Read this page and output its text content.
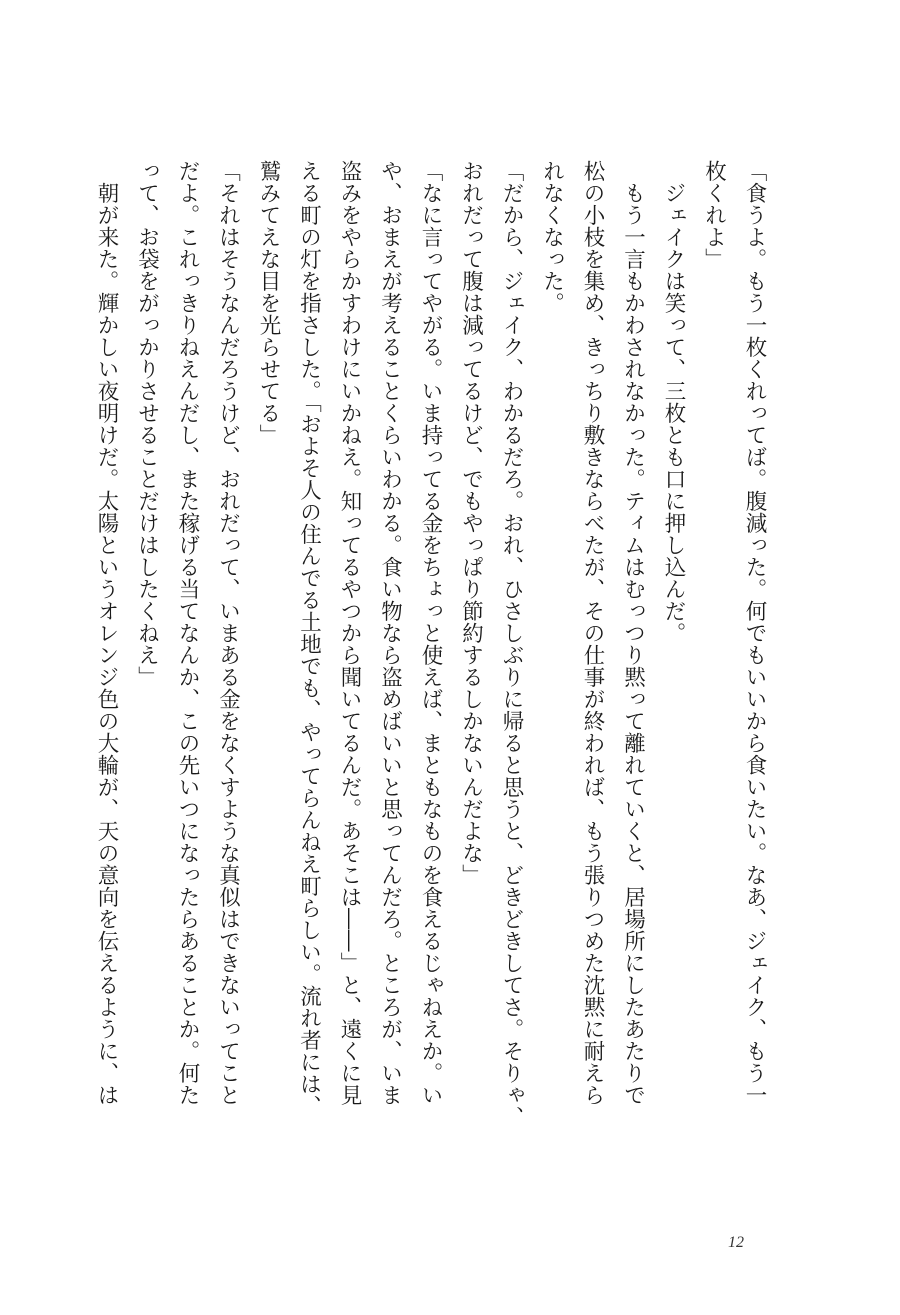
「食うよ。もう一枚くれってば。腹減った。何でもいいから食いたい。なあ、ジェイク、もう一

枚くれよ」

　ジェイクは笑って、三枚とも口に押し込んだ。

　もう一言もかわされなかった。ティムはむっつり黙って離れていくと、居場所にしたあたりで

松の小枝を集め、きっちり敷きならべたが、その仕事が終われば、もう張りつめた沈黙に耐えら

れなくなった。

「だから、ジェイク、わかるだろ。おれ、ひさしぶりに帰ると思うと、どきどきしてさ。そりゃ、

おれだって腹は減ってるけど、でもやっぱり節約するしかないんだよな」

「なに言ってやがる。いま持ってる金をちょっと使えば、まともなものを食えるじゃねえか。い

や、おまえが考えることくらいわかる。食い物なら盗めばいいと思ってんだろ。ところが、いま

盗みをやらかすわけにいかねえ。知ってるやつから聞いてるんだ。あそこは――」と、遠くに見

える町の灯を指さした。「およそ人の住んでる土地でも、やってらんねえ町らしい。流れ者には、

鷲みてえな目を光らせてる」

「それはそうなんだろうけど、おれだって、いまある金をなくすような真似はできないってこと

だよ。これっきりねえんだし、また稼げる当てなんか、この先いつになったらあることか。何た

って、お袋をがっかりさせることだけはしたくねえ」

　朝が来た。輝かしい夜明けだ。太陽というオレンジ色の大輪が、天の意向を伝えるように、は

12
